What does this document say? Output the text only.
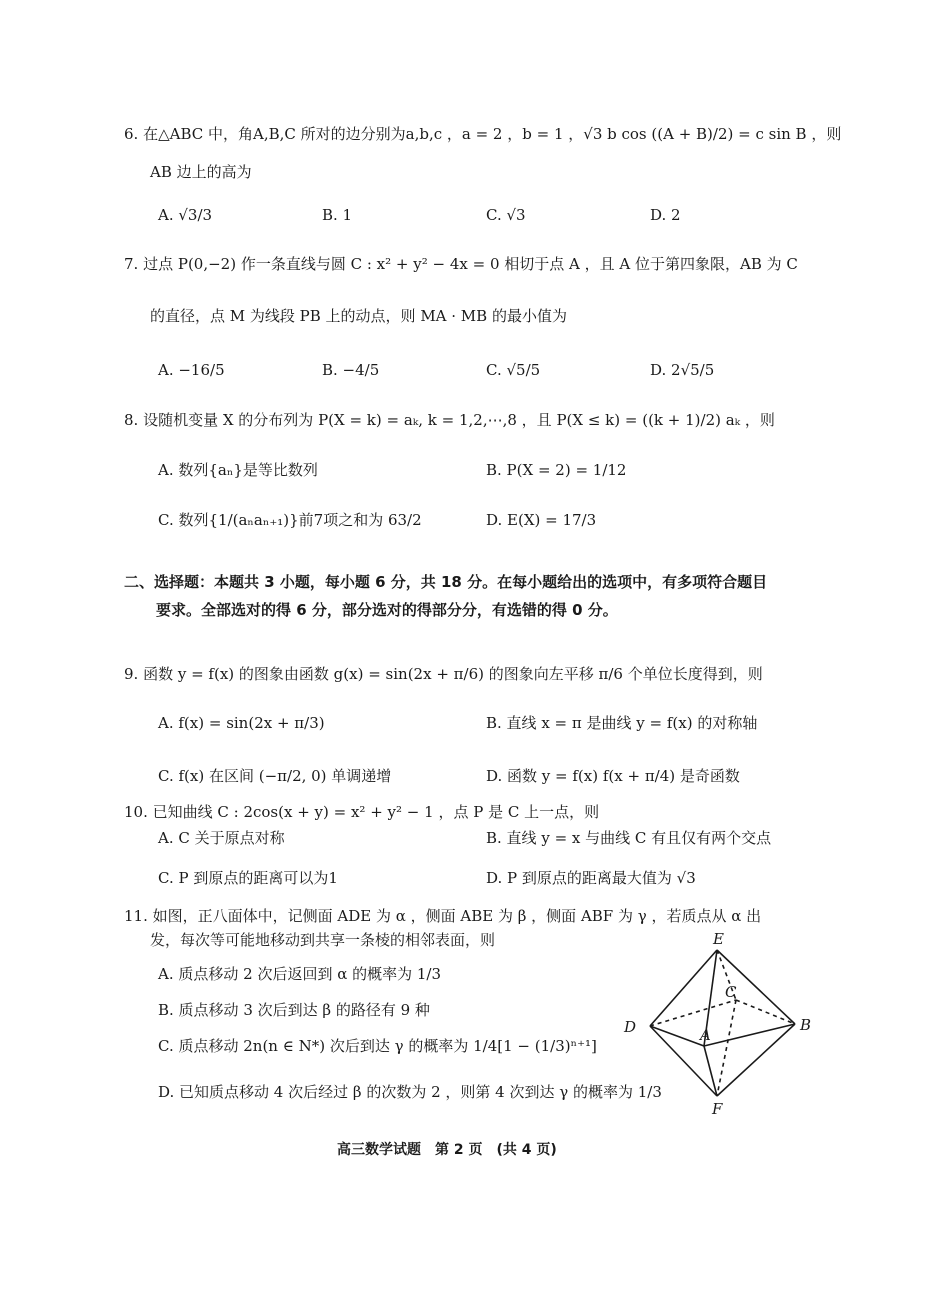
6. 在△ABC 中，角A,B,C 所对的边分别为a,b,c ，a = 2 ，b = 1 ，√3 b cos ((A + B)/2) = c sin B ，则
AB 边上的高为
A. √3/3	B. 1	C. √3	D. 2
7. 过点 P(0,−2) 作一条直线与圆 C : x² + y² − 4x = 0 相切于点 A ，且 A 位于第四象限，AB 为 C
的直径，点 M 为线段 PB 上的动点，则 MA · MB 的最小值为
A. −16/5	B. −4/5	C. √5/5	D. 2√5/5
8. 设随机变量 X 的分布列为 P(X = k) = aₖ, k = 1,2,⋯,8 ，且 P(X ≤ k) = ((k + 1)/2) aₖ ，则
A. 数列{aₙ}是等比数列	B. P(X = 2) = 1/12
C. 数列{1/(aₙaₙ₊₁)}前7项之和为 63/2	D. E(X) = 17/3
二、选择题：本题共 3 小题，每小题 6 分，共 18 分。在每小题给出的选项中，有多项符合题目
要求。全部选对的得 6 分，部分选对的得部分分，有选错的得 0 分。
9. 函数 y = f(x) 的图象由函数 g(x) = sin(2x + π/6) 的图象向左平移 π/6 个单位长度得到，则
A. f(x) = sin(2x + π/3)	B. 直线 x = π 是曲线 y = f(x) 的对称轴
C. f(x) 在区间 (−π/2, 0) 单调递增	D. 函数 y = f(x) f(x + π/4) 是奇函数
10. 已知曲线 C : 2cos(x + y) = x² + y² − 1 ，点 P 是 C 上一点，则
A. C 关于原点对称	B. 直线 y = x 与曲线 C 有且仅有两个交点
C. P 到原点的距离可以为1	D. P 到原点的距离最大值为 √3
11. 如图，正八面体中，记侧面 ADE 为 α ，侧面 ABE 为 β ，侧面 ABF 为 γ ，若质点从 α 出
发，每次等可能地移动到共享一条棱的相邻表面，则
A. 质点移动 2 次后返回到 α 的概率为 1/3
B. 质点移动 3 次后到达 β 的路径有 9 种
C. 质点移动 2n(n ∈ N*) 次后到达 γ 的概率为 1/4[1 − (1/3)ⁿ⁺¹]
D. 已知质点移动 4 次后经过 β 的次数为 2 ，则第 4 次到达 γ 的概率为 1/3
E
C
D	A
B
F
高三数学试题　第 2 页　(共 4 页)
